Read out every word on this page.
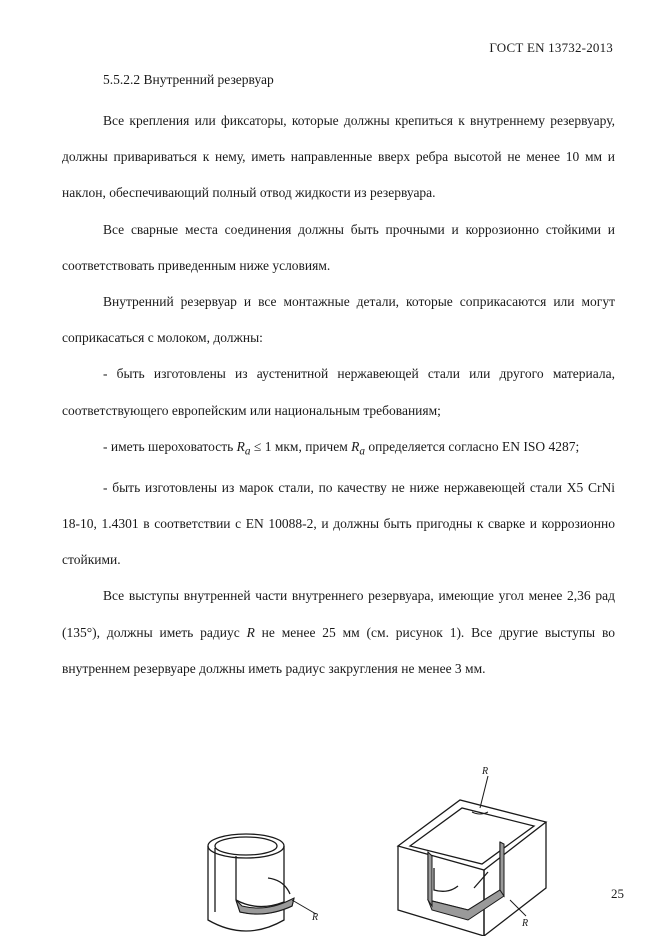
ГОСТ EN 13732-2013
5.5.2.2 Внутренний резервуар

Все крепления или фиксаторы, которые должны крепиться к внутреннему резервуару, должны привариваться к нему, иметь направленные вверх ребра высотой не менее 10 мм и наклон, обеспечивающий полный отвод жидкости из резервуара.

Все сварные места соединения должны быть прочными и коррозионно стойкими и соответствовать приведенным ниже условиям.

Внутренний резервуар и все монтажные детали, которые соприкасаются или могут соприкасаться с молоком, должны:

- быть изготовлены из аустенитной нержавеющей стали или другого материала, соответствующего европейским или национальным требованиям;

- иметь шероховатость $R_a \le 1$ мкм, причем $R_a$ определяется согласно EN ISO 4287;

- быть изготовлены из марок стали, по качеству не ниже нержавеющей стали X5 CrNi 18-10, 1.4301 в соответствии с EN 10088-2, и должны быть пригодны к сварке и коррозионно стойкими.

Все выступы внутренней части внутреннего резервуара, имеющие угол менее 2,36 рад (135°), должны иметь радиус R не менее 25 мм (см. рисунок 1). Все другие выступы во внутреннем резервуаре должны иметь радиус закругления не менее 3 мм.

R
R
R
25
